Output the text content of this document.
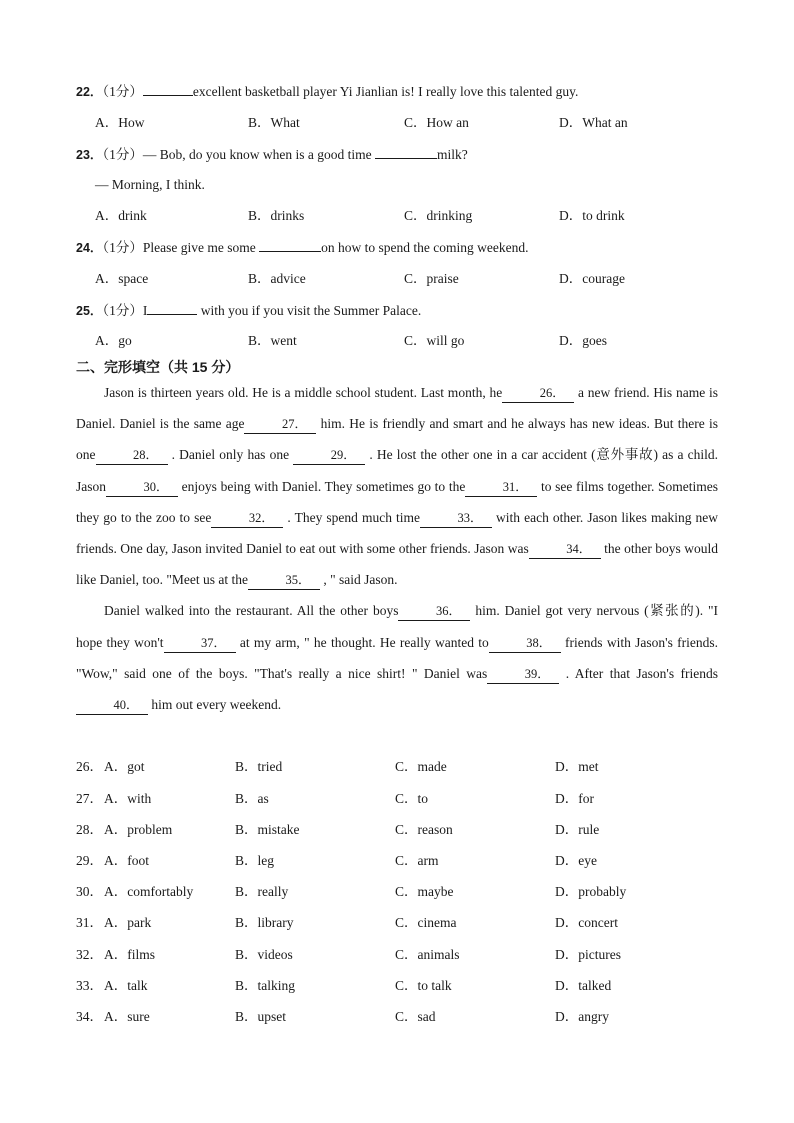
22．（1分）	excellent basketball player Yi Jianlian is! I really love this talented guy.
A．How	B．What	C．How an	D．What an
23．（1分）— Bob, do you know when is a good time	milk?
— Morning, I think.
A．drink	B．drinks	C．drinking	D．to drink
24．（1分）Please give me some	on how to spend the coming weekend.
A．space	B．advice	C．praise	D．courage
25．（1分）I	with you if you visit the Summer Palace.
A．go	B．went	C．will go	D．goes
二、完形填空（共 15 分）

Jason is thirteen years old. He is a middle school student. Last month, he	26． a new friend. His name is Daniel. Daniel is the same age	27． him. He is friendly and smart and he always has new ideas. But there is one	28． . Daniel only has one	29． . He lost the other one in a car accident (意外事故) as a child. Jason	30． enjoys being with Daniel. They sometimes go to the	31． to see films together. Sometimes they go to the zoo to see	32． . They spend much time	33． with each other. Jason likes making new friends. One day, Jason invited Daniel to eat out with some other friends. Jason was	34． the other boys would like Daniel, too. "Meet us at the	35． , " said Jason.

Daniel walked into the restaurant. All the other boys	36． him. Daniel got very nervous (紧张的). "I hope they won't	37． at my arm, " he thought. He really wanted to	38． friends with Jason's friends. "Wow," said one of the boys. "That's really a nice shirt! " Daniel was	39． . After that Jason's friends40． him out every weekend.

26． A．got	B．tried	C．made	D．met
27． A．with	B．as	C．to	D．for
28． A．problem	B．mistake	C．reason	D．rule
29． A．foot	B．leg	C．arm	D．eye
30． A．comfortably	B．really	C．maybe	D．probably
31． A．park	B．library	C．cinema	D．concert
32． A．films	B．videos	C．animals	D．pictures
33． A．talk	B．talking	C．to talk	D．talked
34． A．sure	B．upset	C．sad	D．angry
